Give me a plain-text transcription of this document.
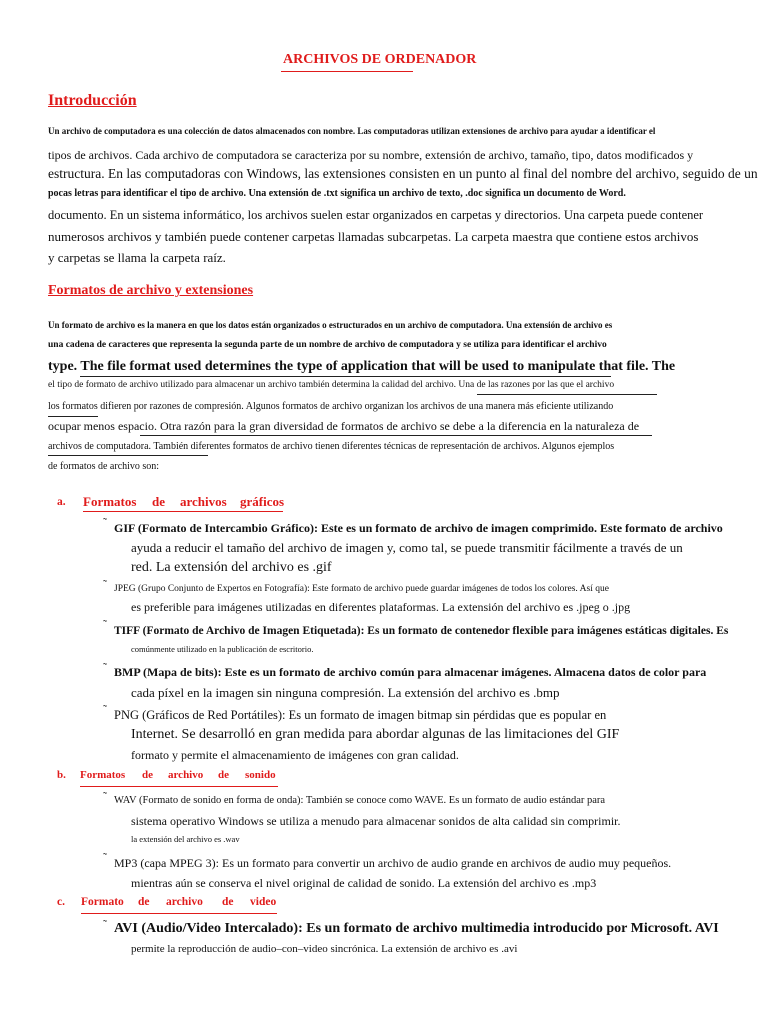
ARCHIVOS DE ORDENADOR
Introducción
Un archivo de computadora es una colección de datos almacenados con nombre. Las computadoras utilizan extensiones de archivo para ayudar a identificar el
tipos de archivos. Cada archivo de computadora se caracteriza por su nombre, extensión de archivo, tamaño, tipo, datos modificados y
estructura. En las computadoras con Windows, las extensiones consisten en un punto al final del nombre del archivo, seguido de un
pocas letras para identificar el tipo de archivo. Una extensión de .txt significa un archivo de texto, .doc significa un documento de Word.
documento. En un sistema informático, los archivos suelen estar organizados en carpetas y directorios. Una carpeta puede contener
numerosos archivos y también puede contener carpetas llamadas subcarpetas. La carpeta maestra que contiene estos archivos
y carpetas se llama la carpeta raíz.
Formatos de archivo y extensiones
Un formato de archivo es la manera en que los datos están organizados o estructurados en un archivo de computadora. Una extensión de archivo es
una cadena de caracteres que representa la segunda parte de un nombre de archivo de computadora y se utiliza para identificar el archivo
type. The file format used determines the type of application that will be used to manipulate that file. The
el tipo de formato de archivo utilizado para almacenar un archivo también determina la calidad del archivo. Una de las razones por las que el archivo
los formatos difieren por razones de compresión. Algunos formatos de archivo organizan los archivos de una manera más eficiente utilizando
ocupar menos espacio. Otra razón para la gran diversidad de formatos de archivo se debe a la diferencia en la naturaleza de
archivos de computadora. También diferentes formatos de archivo tienen diferentes técnicas de representación de archivos. Algunos ejemplos
de formatos de archivo son:
a. Formatos de archivos gráficos
˜ GIF (Formato de Intercambio Gráfico): Este es un formato de archivo de imagen comprimido. Este formato de archivo
ayuda a reducir el tamaño del archivo de imagen y, como tal, se puede transmitir fácilmente a través de un
red. La extensión del archivo es .gif
˜ JPEG (Grupo Conjunto de Expertos en Fotografía): Este formato de archivo puede guardar imágenes de todos los colores. Así que
es preferible para imágenes utilizadas en diferentes plataformas. La extensión del archivo es .jpeg o .jpg
˜ TIFF (Formato de Archivo de Imagen Etiquetada): Es un formato de contenedor flexible para imágenes estáticas digitales. Es
comúnmente utilizado en la publicación de escritorio.
˜ BMP (Mapa de bits): Este es un formato de archivo común para almacenar imágenes. Almacena datos de color para
cada píxel en la imagen sin ninguna compresión. La extensión del archivo es .bmp
˜ PNG (Gráficos de Red Portátiles): Es un formato de imagen bitmap sin pérdidas que es popular en
Internet. Se desarrolló en gran medida para abordar algunas de las limitaciones del GIF
formato y permite el almacenamiento de imágenes con gran calidad.
b. Formatos de archivo de sonido
˜ WAV (Formato de sonido en forma de onda): También se conoce como WAVE. Es un formato de audio estándar para
sistema operativo Windows se utiliza a menudo para almacenar sonidos de alta calidad sin comprimir.
la extensión del archivo es .wav
˜ MP3 (capa MPEG 3): Es un formato para convertir un archivo de audio grande en archivos de audio muy pequeños.
mientras aún se conserva el nivel original de calidad de sonido. La extensión del archivo es .mp3
c. Formato de archivo de video
˜ AVI (Audio/Video Intercalado): Es un formato de archivo multimedia introducido por Microsoft. AVI
permite la reproducción de audio–con–video sincrónica. La extensión de archivo es .avi
